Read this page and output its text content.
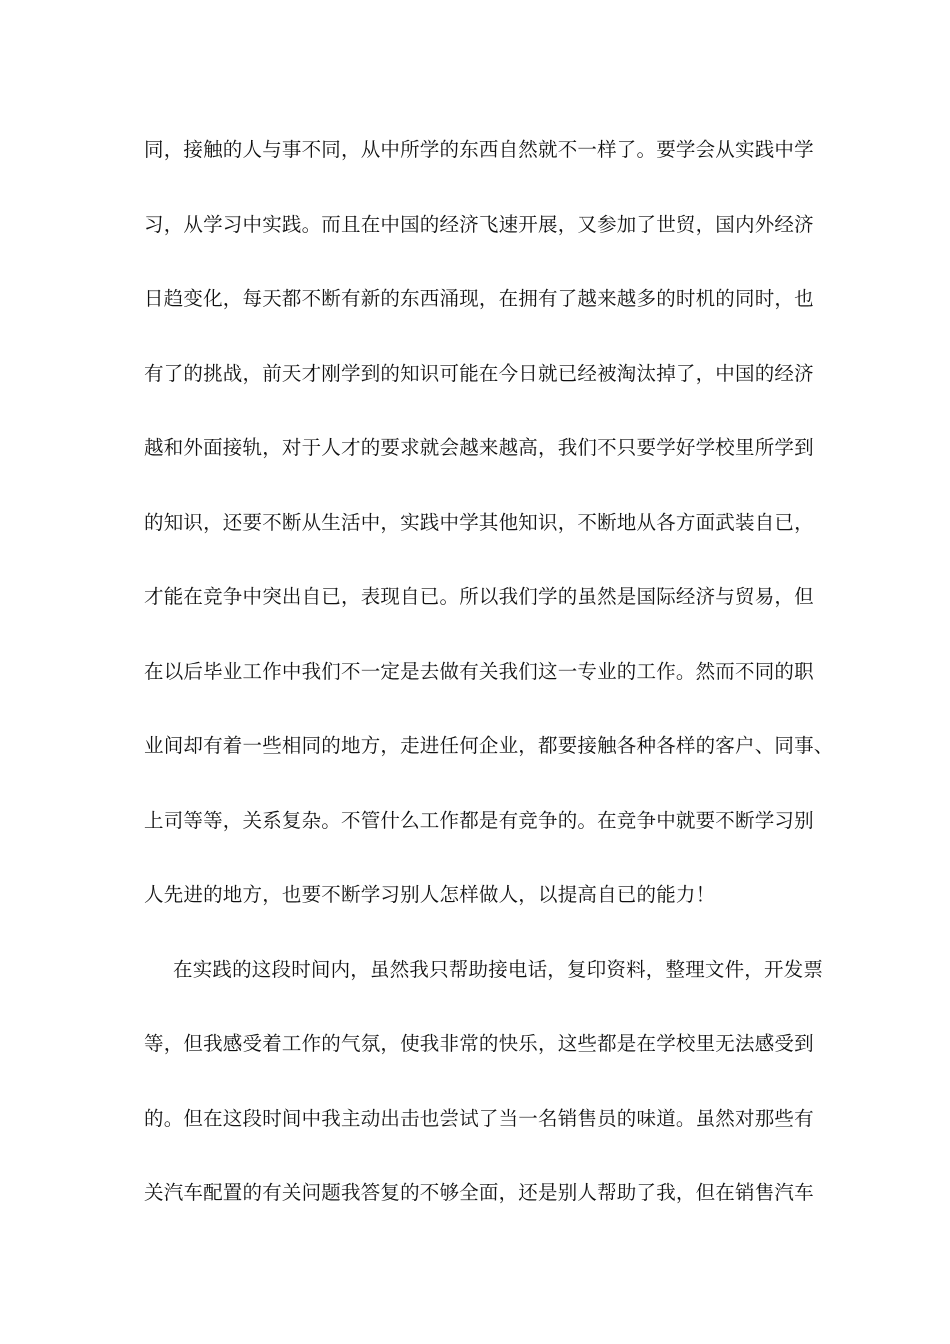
同，接触的人与事不同，从中所学的东西自然就不一样了。要学会从实践中学
习，从学习中实践。而且在中国的经济飞速开展，又参加了世贸，国内外经济
日趋变化，每天都不断有新的东西涌现，在拥有了越来越多的时机的同时，也
有了的挑战，前天才刚学到的知识可能在今日就已经被淘汰掉了，中国的经济
越和外面接轨，对于人才的要求就会越来越高，我们不只要学好学校里所学到
的知识，还要不断从生活中，实践中学其他知识，不断地从各方面武装自已，
才能在竞争中突出自已，表现自已。所以我们学的虽然是国际经济与贸易，但
在以后毕业工作中我们不一定是去做有关我们这一专业的工作。然而不同的职
业间却有着一些相同的地方，走进任何企业，都要接触各种各样的客户、同事、
上司等等，关系复杂。不管什么工作都是有竞争的。在竞争中就要不断学习别
人先进的地方，也要不断学习别人怎样做人，以提高自已的能力！
在实践的这段时间内，虽然我只帮助接电话，复印资料，整理文件，开发票
等，但我感受着工作的气氛，使我非常的快乐，这些都是在学校里无法感受到
的。但在这段时间中我主动出击也尝试了当一名销售员的味道。虽然对那些有
关汽车配置的有关问题我答复的不够全面，还是别人帮助了我，但在销售汽车
